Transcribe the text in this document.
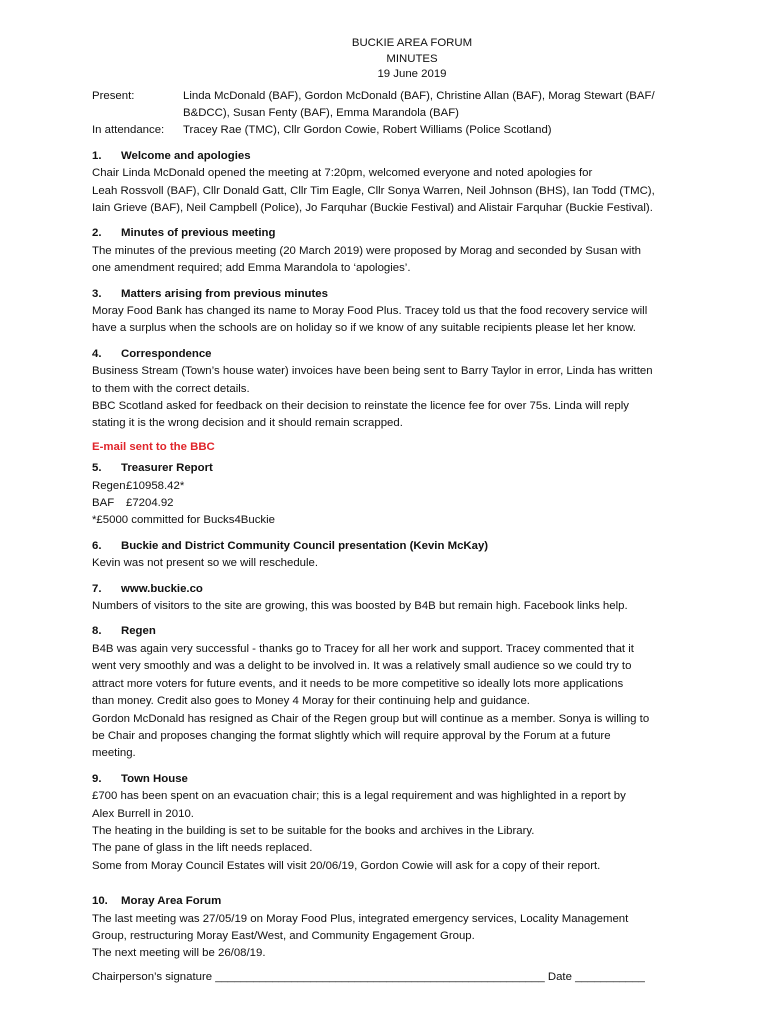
BUCKIE AREA FORUM
MINUTES
19 June 2019
Present:	Linda McDonald (BAF), Gordon McDonald (BAF), Christine Allan (BAF), Morag Stewart (BAF/
B&DCC), Susan Fenty (BAF), Emma Marandola (BAF)
In attendance:	Tracey Rae (TMC), Cllr Gordon Cowie, Robert Williams (Police Scotland)
1.	Welcome and apologies
Chair Linda McDonald opened the meeting at 7:20pm, welcomed everyone and noted apologies for
Leah Rossvoll (BAF), Cllr Donald Gatt, Cllr Tim Eagle, Cllr Sonya Warren, Neil Johnson (BHS), Ian Todd (TMC),
Iain Grieve (BAF), Neil Campbell (Police), Jo Farquhar (Buckie Festival) and Alistair Farquhar (Buckie Festival).
2.	Minutes of previous meeting
The minutes of the previous meeting (20 March 2019) were proposed by Morag and seconded by Susan with
one amendment required; add Emma Marandola to ‘apologies’.
3.	Matters arising from previous minutes
Moray Food Bank has changed its name to Moray Food Plus. Tracey told us that the food recovery service will
have a surplus when the schools are on holiday so if we know of any suitable recipients please let her know.
4.	Correspondence
Business Stream (Town’s house water) invoices have been being sent to Barry Taylor in error, Linda has written
to them with the correct details.
BBC Scotland asked for feedback on their decision to reinstate the licence fee for over 75s. Linda will reply
stating it is the wrong decision and it should remain scrapped.
E-mail sent to the BBC
5.	Treasurer Report
Regen£10958.42*
BAF £7204.92
*£5000 committed for Bucks4Buckie
6.	Buckie and District Community Council presentation (Kevin McKay)
Kevin was not present so we will reschedule.
7.	www.buckie.co
Numbers of visitors to the site are growing, this was boosted by B4B but remain high. Facebook links help.
8.	Regen
B4B was again very successful - thanks go to Tracey for all her work and support. Tracey commented that it
went very smoothly and was a delight to be involved in. It was a relatively small audience so we could try to
attract more voters for future events, and it needs to be more competitive so ideally lots more applications
than money. Credit also goes to Money 4 Moray for their continuing help and guidance.
Gordon McDonald has resigned as Chair of the Regen group but will continue as a member. Sonya is willing to
be Chair and proposes changing the format slightly which will require approval by the Forum at a future
meeting.
9.	Town House
£700 has been spent on an evacuation chair; this is a legal requirement and was highlighted in a report by
Alex Burrell in 2010.
The heating in the building is set to be suitable for the books and archives in the Library.
The pane of glass in the lift needs replaced.
Some from Moray Council Estates will visit 20/06/19, Gordon Cowie will ask for a copy of their report.
10.	Moray Area Forum
The last meeting was 27/05/19 on Moray Food Plus, integrated emergency services, Locality Management
Group, restructuring Moray East/West, and Community Engagement Group.
The next meeting will be 26/08/19.
Chairperson’s signature ____________________________________________________ Date ___________
